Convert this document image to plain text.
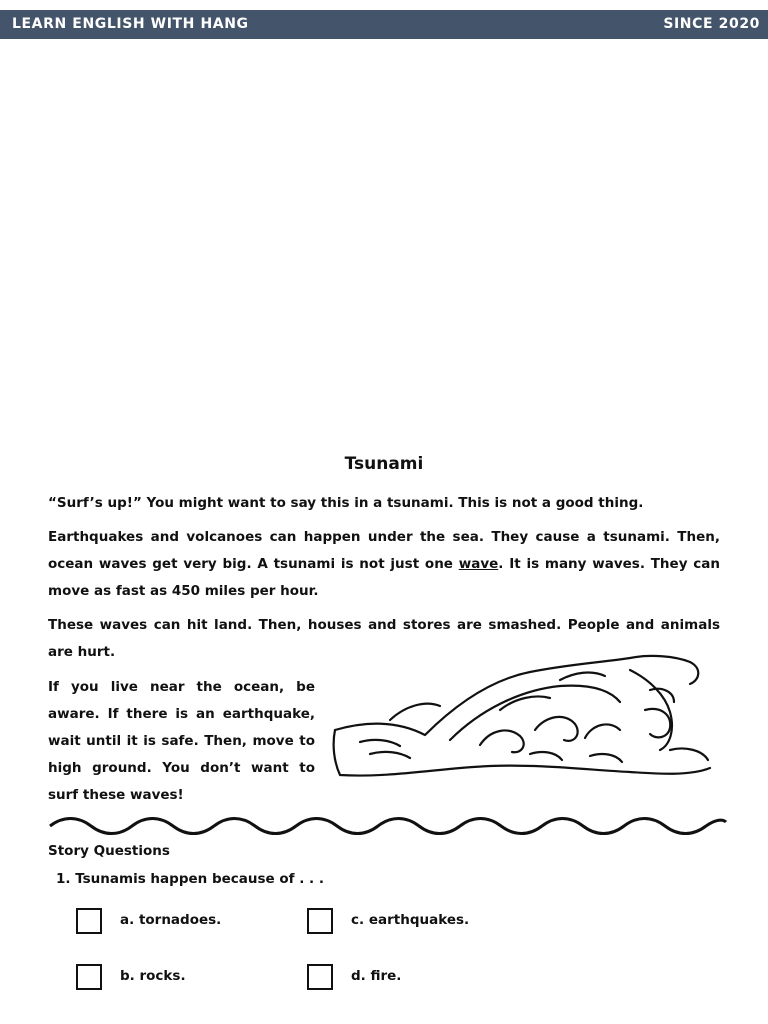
LEARN ENGLISH WITH HANG	SINCE 2020
Tsunami

“Surf’s up!” You might want to say this in a tsunami. This is not a good thing.

Earthquakes and volcanoes can happen under the sea. They cause a tsunami. Then, ocean waves get very big. A tsunami is not just one wave. It is many waves. They can move as fast as 450 miles per hour.

These waves can hit land. Then, houses and stores are smashed. People and animals are hurt.

If you live near the ocean, be aware. If there is an earthquake, wait until it is safe. Then, move to high ground. You don’t want to surf these waves!

Story Questions
1. Tsunamis happen because of . . .
a. tornadoes.	c. earthquakes.
b. rocks.	d. fire.
